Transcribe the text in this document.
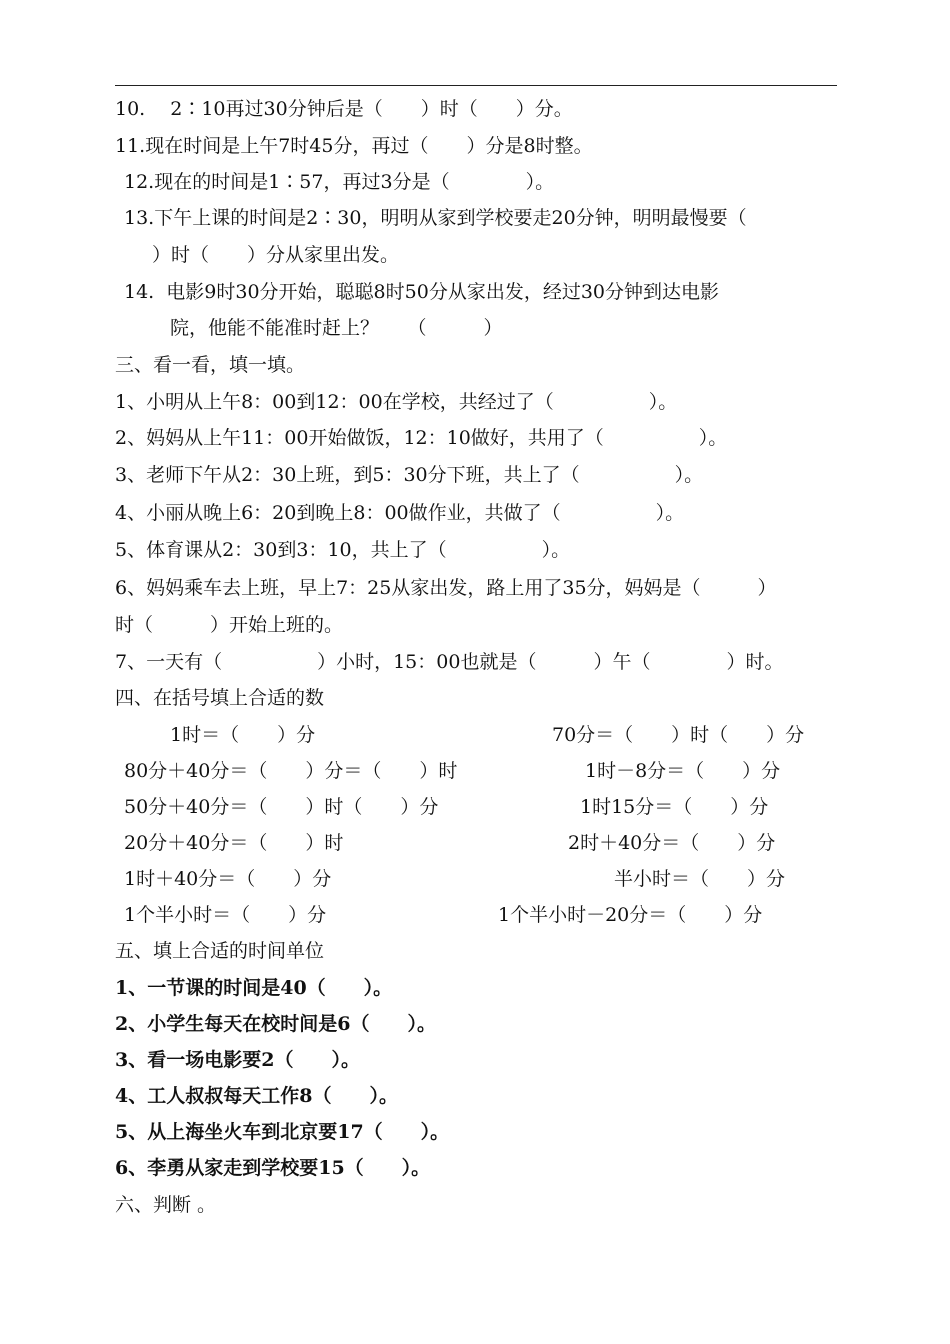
10.　 2∶10再过30分钟后是（　　）时（　　）分。
11.现在时间是上午7时45分，再过（　　）分是8时整。
12.现在的时间是1∶57，再过3分是（　　　　）。
13.下午上课的时间是2∶30，明明从家到学校要走20分钟，明明最慢要（
）时（　　）分从家里出发。
14.  电影9时30分开始，聪聪8时50分从家出发，经过30分钟到达电影
院，他能不能准时赶上？　　（　　　）
三、看一看，填一填。
1、小明从上午8：00到12：00在学校，共经过了（　　　　　）。
2、妈妈从上午11：00开始做饭，12：10做好，共用了（　　　　　）。
3、老师下午从2：30上班，到5：30分下班，共上了（　　　　　）。
4、小丽从晚上6：20到晚上8：00做作业，共做了（　　　　　）。
5、体育课从2：30到3：10，共上了（　　　　　）。
6、妈妈乘车去上班，早上7：25从家出发，路上用了35分，妈妈是（　　　）
时（　　　）开始上班的。
7、一天有（　　　　　）小时，15：00也就是（　　　）午（　　　　）时。
四、在括号填上合适的数
1时＝（　　）分	70分＝（　　）时（　　）分
80分＋40分＝（　　）分＝（　　）时	1时－8分＝（　　）分
50分＋40分＝（　　）时（　　）分	1时15分＝（　　）分
20分＋40分＝（　　）时	2时＋40分＝（　　）分
1时＋40分＝（　　）分	半小时＝（　　）分
1个半小时＝（　　）分	1个半小时－20分＝（　　）分
五、填上合适的时间单位
1、一节课的时间是40（　　）。
2、小学生每天在校时间是6（　　）。
3、看一场电影要2（　　）。
4、工人叔叔每天工作8（　　）。
5、从上海坐火车到北京要17（　　）。
6、李勇从家走到学校要15（　　）。
六、判断 。
